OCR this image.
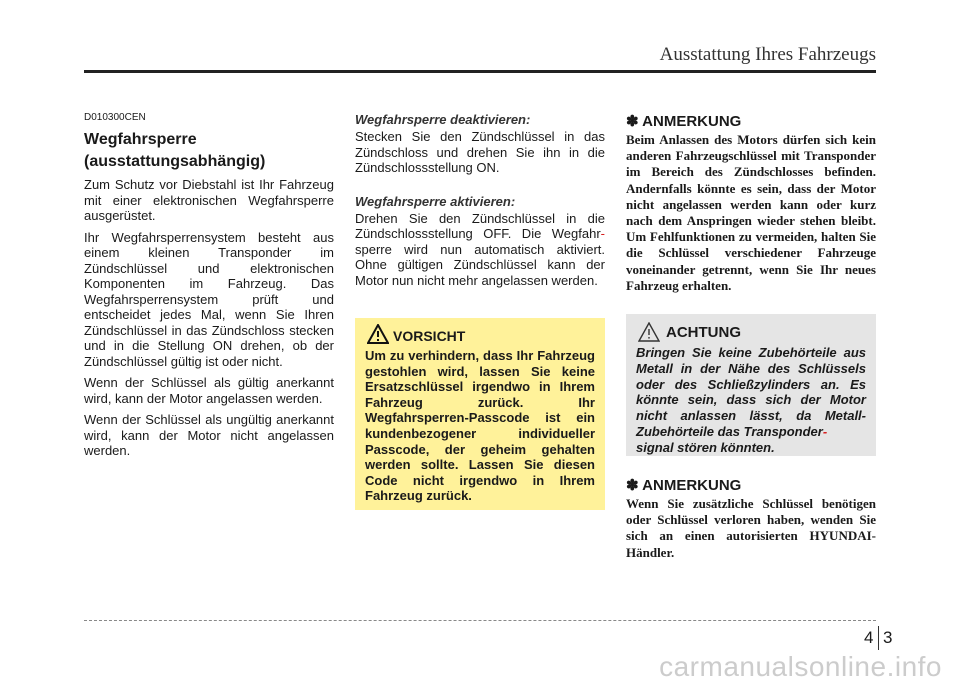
Ausstattung Ihres Fahrzeugs
D010300CEN
Wegfahrsperre
(ausstattungsabhängig)

Zum Schutz vor Diebstahl ist Ihr Fahrzeug mit einer elektronischen Wegfahrsperre ausgerüstet.

Ihr Wegfahrsperrensystem besteht aus einem kleinen Transponder im Zündschlüssel und elektronischen Komponenten im Fahrzeug. Das Wegfahrsperrensystem prüft und entscheidet jedes Mal, wenn Sie Ihren Zündschlüssel in das Zündschloss stecken und in die Stellung ON drehen, ob der Zündschlüssel gültig ist oder nicht.

Wenn der Schlüssel als gültig anerkannt wird, kann der Motor angelassen werden.

Wenn der Schlüssel als ungültig anerkannt wird, kann der Motor nicht angelassen werden.

Wegfahrsperre deaktivieren:

Stecken Sie den Zündschlüssel in das Zündschloss und drehen Sie ihn in die Zündschlossstellung ON.

Wegfahrsperre aktivieren:

Drehen Sie den Zündschlüssel in die Zündschlossstellung OFF. Die Wegfahr-sperre wird nun automatisch aktiviert. Ohne gültigen Zündschlüssel kann der Motor nun nicht mehr angelassen werden.

VORSICHT

Um zu verhindern, dass Ihr Fahrzeug gestohlen wird, lassen Sie keine Ersatzschlüssel irgendwo in Ihrem Fahrzeug zurück. Ihr Wegfahrsperren-Passcode ist ein kundenbezogener individueller Passcode, der geheim gehalten werden sollte. Lassen Sie diesen Code nicht irgendwo in Ihrem Fahrzeug zurück.

✽ ANMERKUNG
Beim Anlassen des Motors dürfen sich kein anderen Fahrzeugschlüssel mit Transponder im Bereich des Zündschlosses befinden. Andernfalls könnte es sein, dass der Motor nicht angelassen werden kann oder kurz nach dem Anspringen wieder stehen bleibt. Um Fehlfunktionen zu vermeiden, halten Sie die Schlüssel verschiedener Fahrzeuge voneinander getrennt, wenn Sie Ihr neues Fahrzeug erhalten.
ACHTUNG

Bringen Sie keine Zubehörteile aus Metall in der Nähe des Schlüssels oder des Schließzylinders an. Es könnte sein, dass sich der Motor nicht anlassen lässt, da Metall-Zubehörteile das Transponder-
signal stören könnten.

✽ ANMERKUNG
Wenn Sie zusätzliche Schlüssel benötigen oder Schlüssel verloren haben, wenden Sie sich an einen autorisierten HYUNDAI-Händler.
4 3
carmanualsonline.info
